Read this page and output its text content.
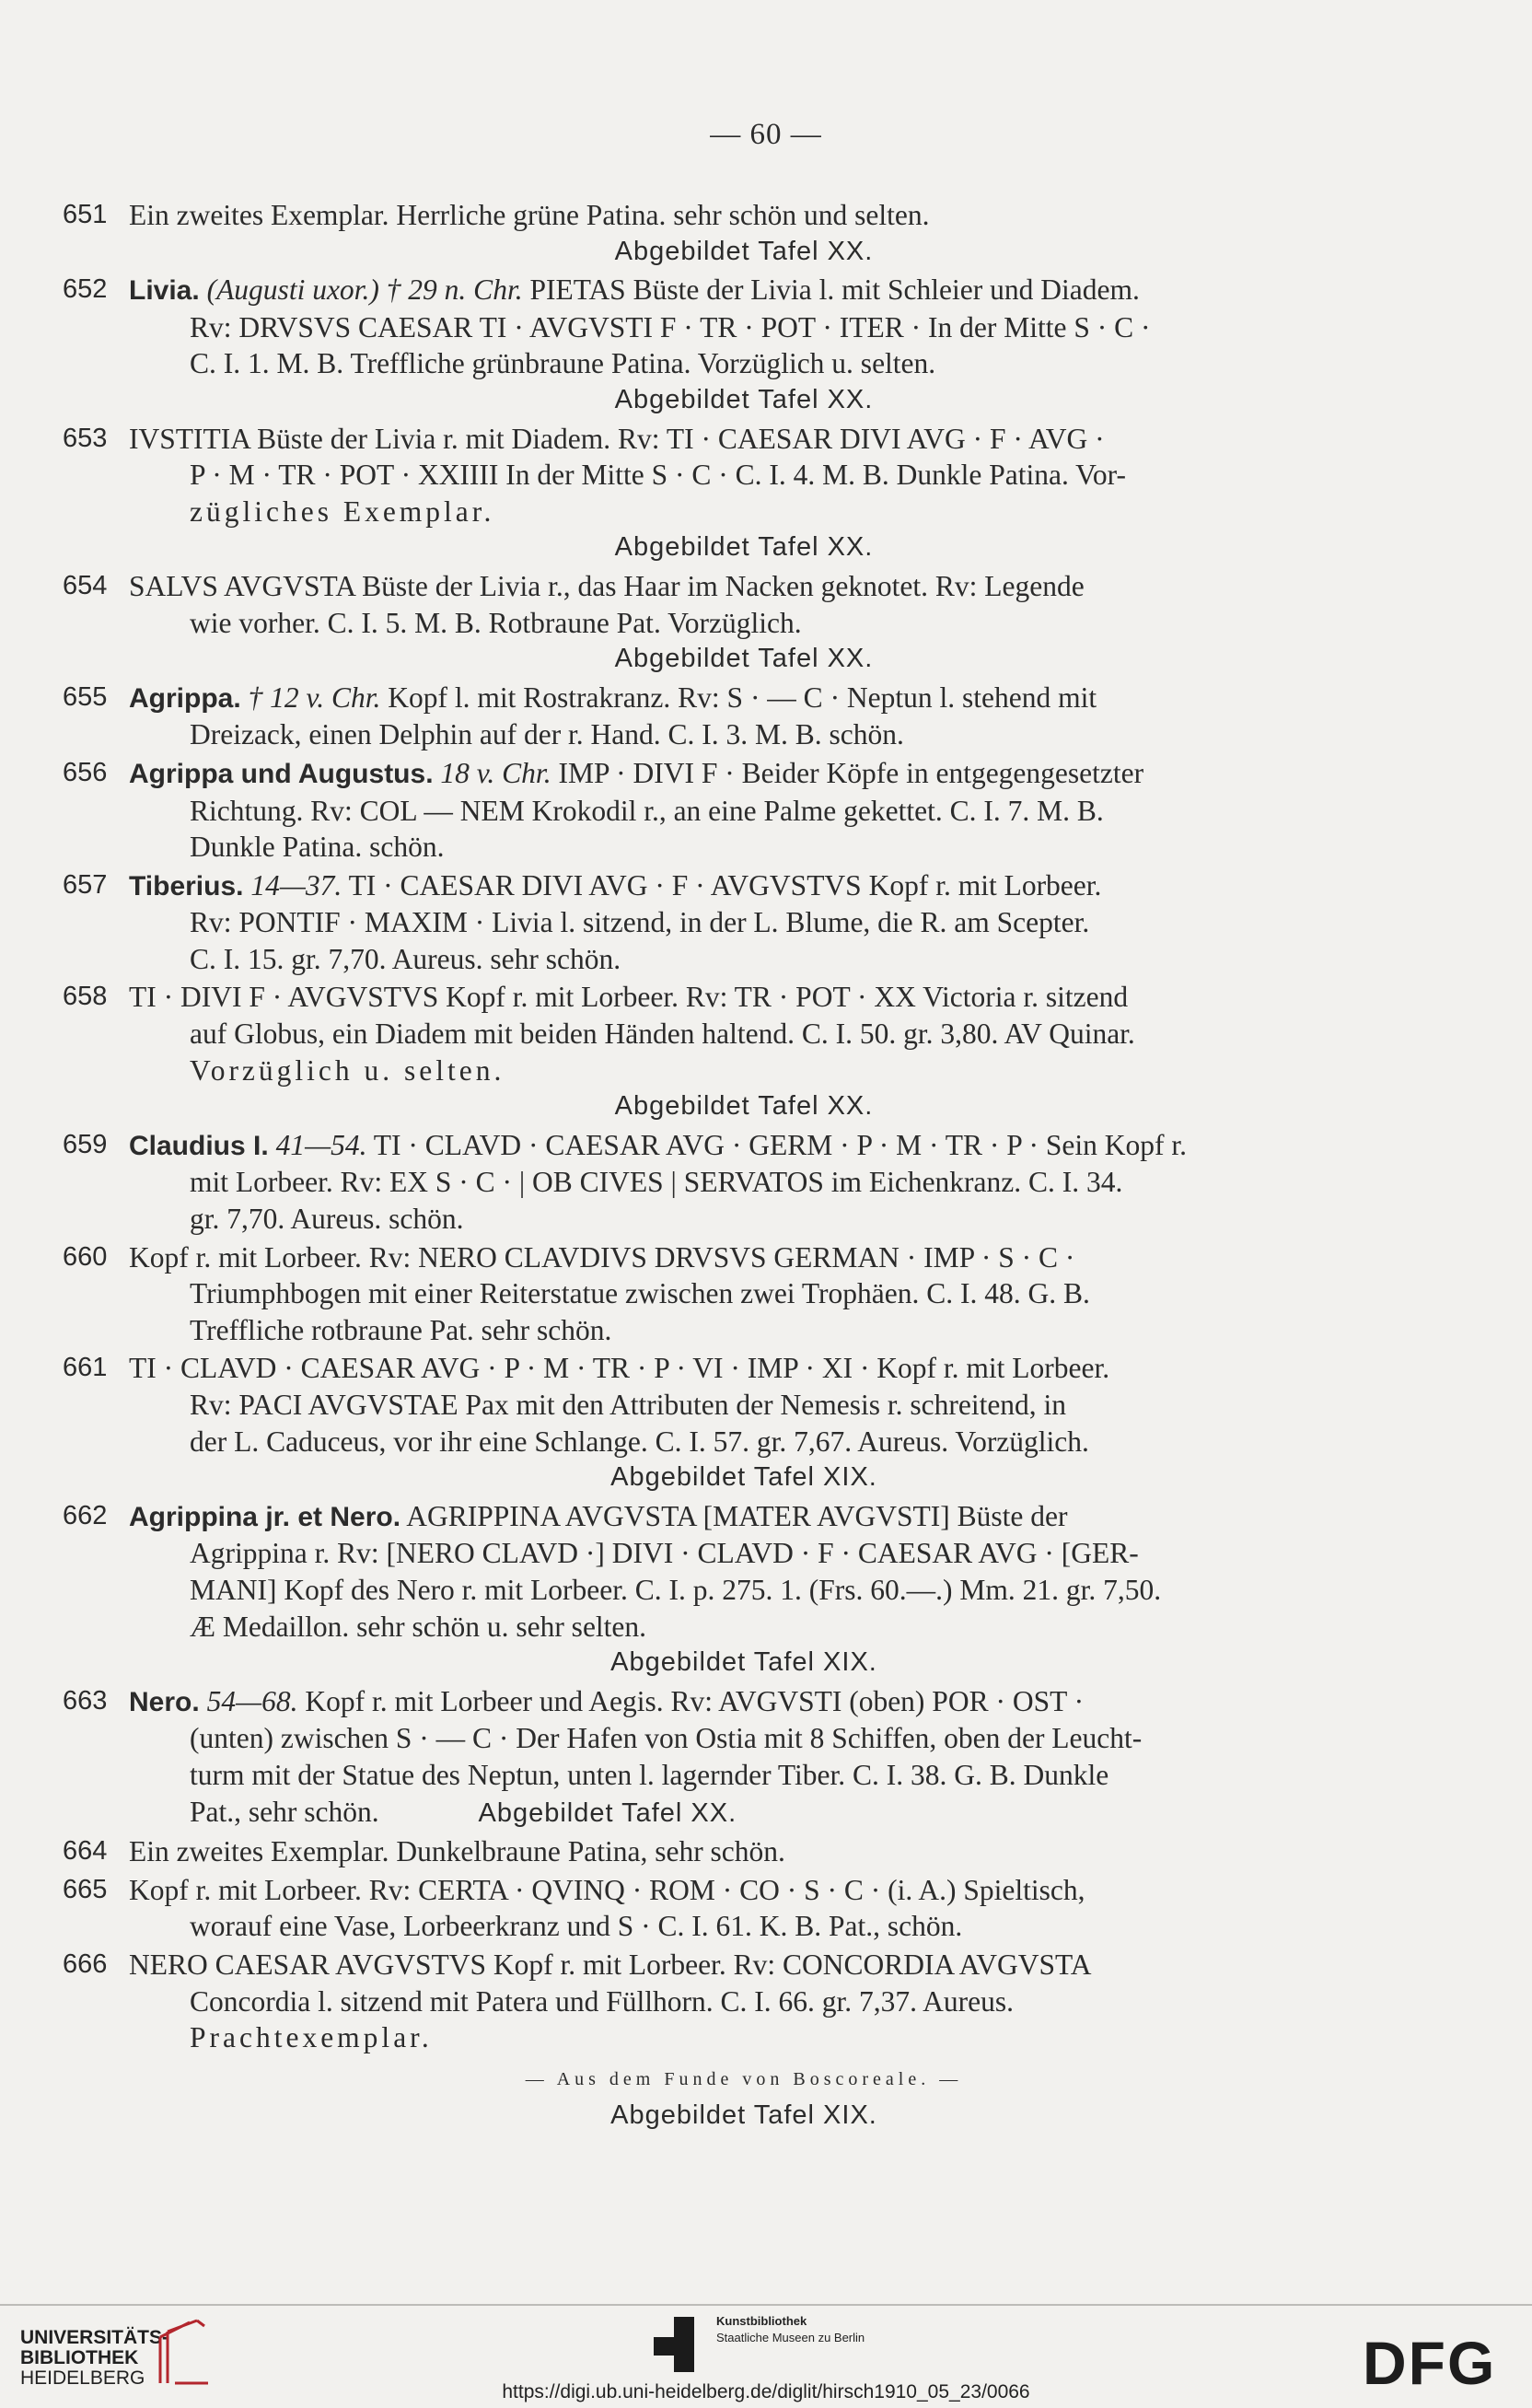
— 60 —
651 Ein zweites Exemplar. Herrliche grüne Patina. sehr schön und selten.
Abgebildet Tafel XX.
652 Livia. (Augusti uxor.) † 29 n. Chr. PIETAS Büste der Livia l. mit Schleier und Diadem.
Rv: DRVSVS CAESAR TI · AVGVSTI F · TR · POT · ITER · In der Mitte S · C ·
C. I. 1. M. B. Treffliche grünbraune Patina. Vorzüglich u. selten.
Abgebildet Tafel XX.
653 IVSTITIA Büste der Livia r. mit Diadem. Rv: TI · CAESAR DIVI AVG · F · AVG ·
P · M · TR · POT · XXIIII In der Mitte S · C · C. I. 4. M. B. Dunkle Patina. Vor-
zügliches Exemplar.
Abgebildet Tafel XX.
654 SALVS AVGVSTA Büste der Livia r., das Haar im Nacken geknotet. Rv: Legende
wie vorher. C. I. 5. M. B. Rotbraune Pat. Vorzüglich.
Abgebildet Tafel XX.
655 Agrippa. † 12 v. Chr. Kopf l. mit Rostrakranz. Rv: S · — C · Neptun l. stehend mit
Dreizack, einen Delphin auf der r. Hand. C. I. 3. M. B. schön.
656 Agrippa und Augustus. 18 v. Chr. IMP · DIVI F · Beider Köpfe in entgegengesetzter
Richtung. Rv: COL — NEM Krokodil r., an eine Palme gekettet. C. I. 7. M. B.
Dunkle Patina. schön.
657 Tiberius. 14—37. TI · CAESAR DIVI AVG · F · AVGVSTVS Kopf r. mit Lorbeer.
Rv: PONTIF · MAXIM · Livia l. sitzend, in der L. Blume, die R. am Scepter.
C. I. 15. gr. 7,70. Aureus. sehr schön.
658 TI · DIVI F · AVGVSTVS Kopf r. mit Lorbeer. Rv: TR · POT · XX Victoria r. sitzend
auf Globus, ein Diadem mit beiden Händen haltend. C. I. 50. gr. 3,80. AV Quinar.
Vorzüglich u. selten.
Abgebildet Tafel XX.
659 Claudius I. 41—54. TI · CLAVD · CAESAR AVG · GERM · P · M · TR · P · Sein Kopf r.
mit Lorbeer. Rv: EX S · C · | OB CIVES | SERVATOS im Eichenkranz. C. I. 34.
gr. 7,70. Aureus. schön.
660 Kopf r. mit Lorbeer. Rv: NERO CLAVDIVS DRVSVS GERMAN · IMP · S · C ·
Triumphbogen mit einer Reiterstatue zwischen zwei Trophäen. C. I. 48. G. B.
Treffliche rotbraune Pat. sehr schön.
661 TI · CLAVD · CAESAR AVG · P · M · TR · P · VI · IMP · XI · Kopf r. mit Lorbeer.
Rv: PACI AVGVSTAE Pax mit den Attributen der Nemesis r. schreitend, in
der L. Caduceus, vor ihr eine Schlange. C. I. 57. gr. 7,67. Aureus. Vorzüglich.
Abgebildet Tafel XIX.
662 Agrippina jr. et Nero. AGRIPPINA AVGVSTA [MATER AVGVSTI] Büste der
Agrippina r. Rv: [NERO CLAVD ·] DIVI · CLAVD · F · CAESAR AVG · [GER-
MANI] Kopf des Nero r. mit Lorbeer. C. I. p. 275. 1. (Frs. 60.—.) Mm. 21. gr. 7,50.
Æ Medaillon. sehr schön u. sehr selten.
Abgebildet Tafel XIX.
663 Nero. 54—68. Kopf r. mit Lorbeer und Aegis. Rv: AVGVSTI (oben) POR · OST ·
(unten) zwischen S · — C · Der Hafen von Ostia mit 8 Schiffen, oben der Leucht-
turm mit der Statue des Neptun, unten l. lagernder Tiber. C. I. 38. G. B. Dunkle
Pat., sehr schön.	Abgebildet Tafel XX.
664 Ein zweites Exemplar. Dunkelbraune Patina, sehr schön.
665 Kopf r. mit Lorbeer. Rv: CERTA · QVINQ · ROM · CO · S · C · (i. A.) Spieltisch,
worauf eine Vase, Lorbeerkranz und S · C. I. 61. K. B. Pat., schön.
666 NERO CAESAR AVGVSTVS Kopf r. mit Lorbeer. Rv: CONCORDIA AVGVSTA
Concordia l. sitzend mit Patera und Füllhorn. C. I. 66. gr. 7,37. Aureus.
Prachtexemplar.
— Aus dem Funde von Boscoreale. —
Abgebildet Tafel XIX.
UNIVERSITÄTS-
BIBLIOTHEK
HEIDELBERG
Kunstbibliothek
Staatliche Museen zu Berlin	DFG
https://digi.ub.uni-heidelberg.de/diglit/hirsch1910_05_23/0066
